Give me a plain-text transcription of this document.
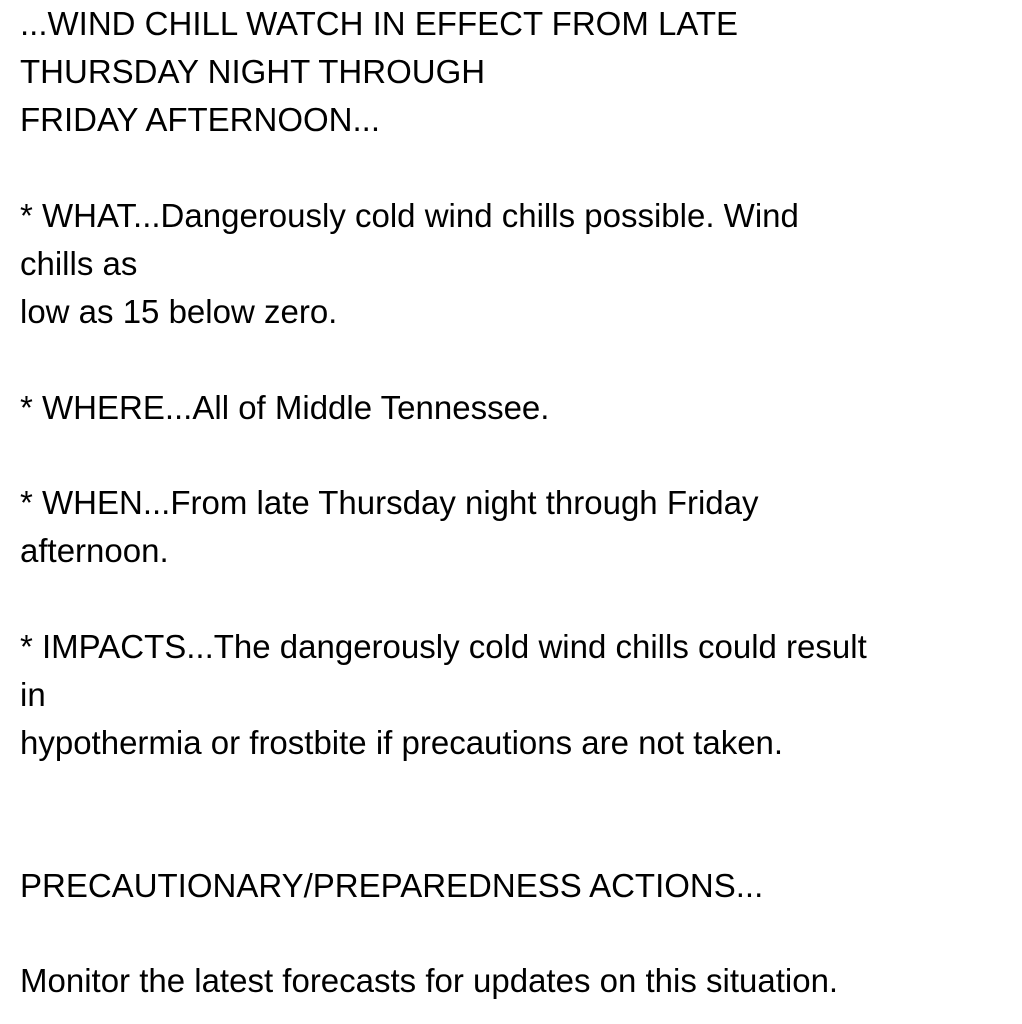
...WIND CHILL WATCH IN EFFECT FROM LATE
THURSDAY NIGHT THROUGH
FRIDAY AFTERNOON...
* WHAT...Dangerously cold wind chills possible. Wind
chills as
low as 15 below zero.
* WHERE...All of Middle Tennessee.
* WHEN...From late Thursday night through Friday
afternoon.
* IMPACTS...The dangerously cold wind chills could result
in
hypothermia or frostbite if precautions are not taken.
PRECAUTIONARY/PREPAREDNESS ACTIONS...
Monitor the latest forecasts for updates on this situation.
